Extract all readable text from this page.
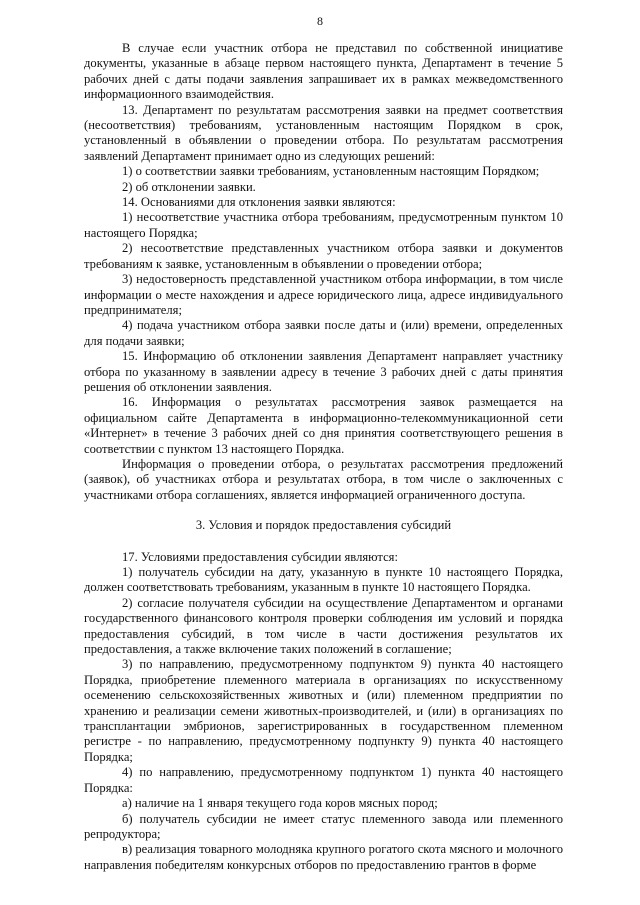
8

В случае если участник отбора не представил по собственной инициативе документы, указанные в абзаце первом настоящего пункта, Департамент в течение 5 рабочих дней с даты подачи заявления запрашивает их в рамках межведомственного информационного взаимодействия.

13. Департамент по результатам рассмотрения заявки на предмет соответствия (несоответствия) требованиям, установленным настоящим Порядком в срок, установленный в объявлении о проведении отбора. По результатам рассмотрения заявлений Департамент принимает одно из следующих решений:

1) о соответствии заявки требованиям, установленным настоящим Порядком;

2) об отклонении заявки.

14. Основаниями для отклонения заявки являются:

1) несоответствие участника отбора требованиям, предусмотренным пунктом 10 настоящего Порядка;

2) несоответствие представленных участником отбора заявки и документов требованиям к заявке, установленным в объявлении о проведении отбора;

3) недостоверность представленной участником отбора информации, в том числе информации о месте нахождения и адресе юридического лица, адресе индивидуального предпринимателя;

4) подача участником отбора заявки после даты и (или) времени, определенных для подачи заявки;

15. Информацию об отклонении заявления Департамент направляет участнику отбора по указанному в заявлении адресу в течение 3 рабочих дней с даты принятия решения об отклонении заявления.

16. Информация о результатах рассмотрения заявок размещается на официальном сайте Департамента в информационно-телекоммуникационной сети «Интернет» в течение 3 рабочих дней со дня принятия соответствующего решения в соответствии с пунктом 13 настоящего Порядка.

Информация о проведении отбора, о результатах рассмотрения предложений (заявок), об участниках отбора и результатах отбора, в том числе о заключенных с участниками отбора соглашениях, является информацией ограниченного доступа.

3. Условия и порядок предоставления субсидий

17. Условиями предоставления субсидии являются:

1) получатель субсидии на дату, указанную в пункте 10 настоящего Порядка, должен соответствовать требованиям, указанным в пункте 10 настоящего Порядка.

2) согласие получателя субсидии на осуществление Департаментом и органами государственного финансового контроля проверки соблюдения им условий и порядка предоставления субсидий, в том числе в части достижения результатов их предоставления, а также включение таких положений в соглашение;

3) по направлению, предусмотренному подпунктом 9) пункта 40 настоящего Порядка, приобретение племенного материала в организациях по искусственному осеменению сельскохозяйственных животных и (или) племенном предприятии по хранению и реализации семени животных-производителей, и (или) в организациях по трансплантации эмбрионов, зарегистрированных в государственном племенном регистре - по направлению, предусмотренному подпункту 9) пункта 40 настоящего Порядка;

4) по направлению, предусмотренному подпунктом 1) пункта 40 настоящего Порядка:

а) наличие на 1 января текущего года коров мясных пород;

б) получатель субсидии не имеет статус племенного завода или племенного репродуктора;

в) реализация товарного молодняка крупного рогатого скота мясного и молочного направления победителям конкурсных отборов по предоставлению грантов в форме
